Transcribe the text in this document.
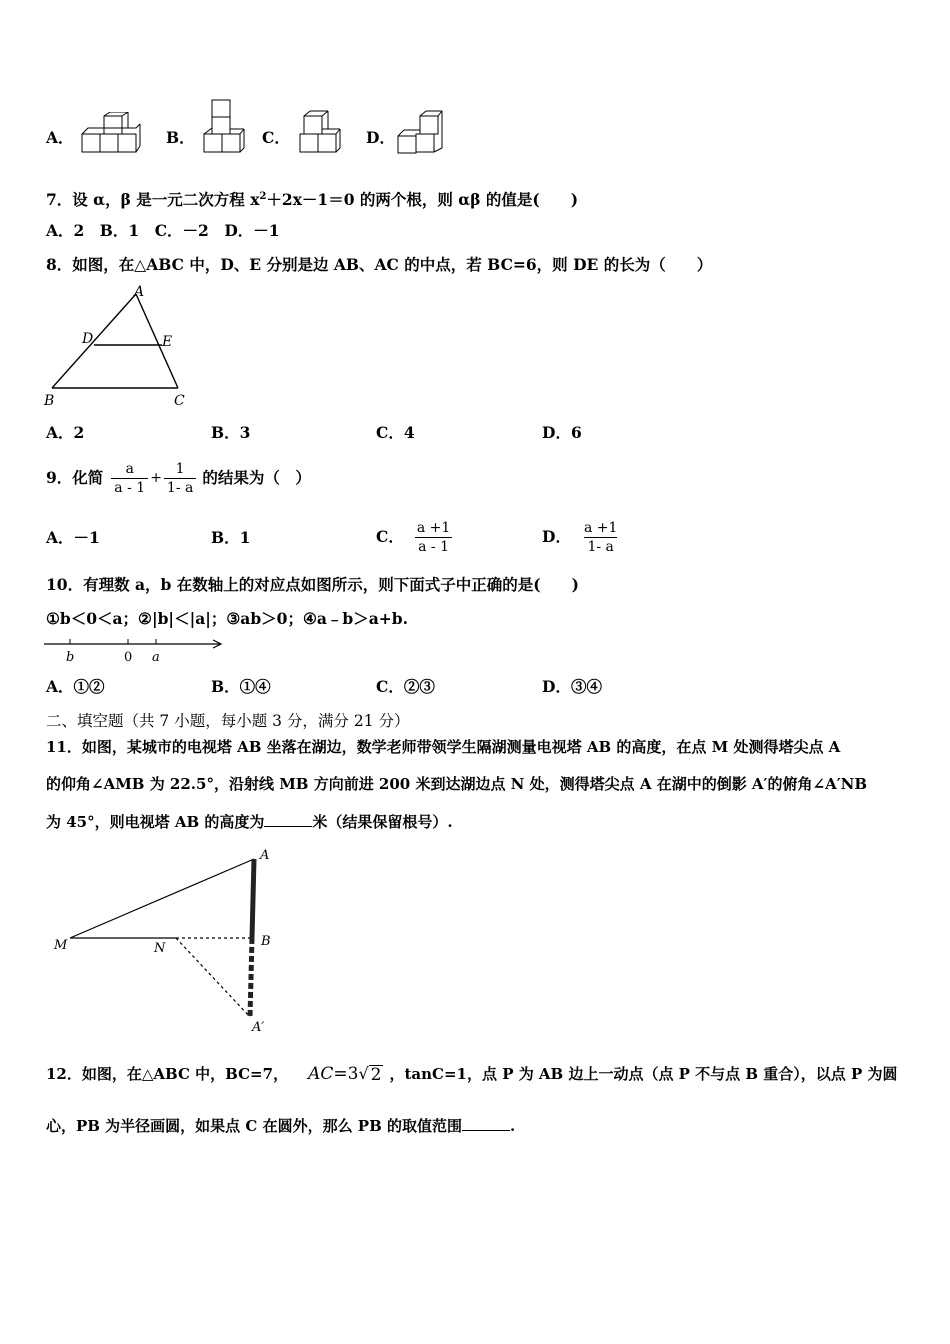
A．	B．	C．	D．
7．设 α，β 是一元二次方程 $x^2+2x-1=0$ 的两个根，则 αβ 的值是(　　)
A．2　B．1　C．－2　D．－1
8．如图，在△ABC 中，D、E 分别是边 AB、AC 的中点，若 BC=6，则 DE 的长为（　　）
A
D	E
B	C
A．2	B．3	C．4	D．6
9．化简 $\frac{a}{a - 1} + \frac{1}{1- a}$ 的结果为（　）
A．－1	B．1	C． $\frac{a +1}{a - 1}$	D． $\frac{a +1}{1- a}$
10．有理数 a，b 在数轴上的对应点如图所示，则下面式子中正确的是(　　)
①b＜0＜a；②|b|＜|a|；③ab＞0；④a﹣b＞a+b.
b	0 a
A．①②	B．①④	C．②③	D．③④
二、填空题（共 7 小题，每小题 3 分，满分 21 分）
11．如图，某城市的电视塔 AB 坐落在湖边，数学老师带领学生隔湖测量电视塔 AB 的高度，在点 M 处测得塔尖点 A
的仰角∠AMB 为 22.5°，沿射线 MB 方向前进 200 米到达湖边点 N 处，测得塔尖点 A 在湖中的倒影 A′的俯角∠A′NB
为 45°，则电视塔 AB 的高度为	米（结果保留根号）.
A
M	N	B
A′
12．如图，在△ABC 中，BC=7， AC =3 √ 2 ，tanC=1，点 P 为 AB 边上一动点（点 P 不与点 B 重合），以点 P 为圆
心，PB 为半径画圆，如果点 C 在圆外，那么 PB 的取值范围	.
